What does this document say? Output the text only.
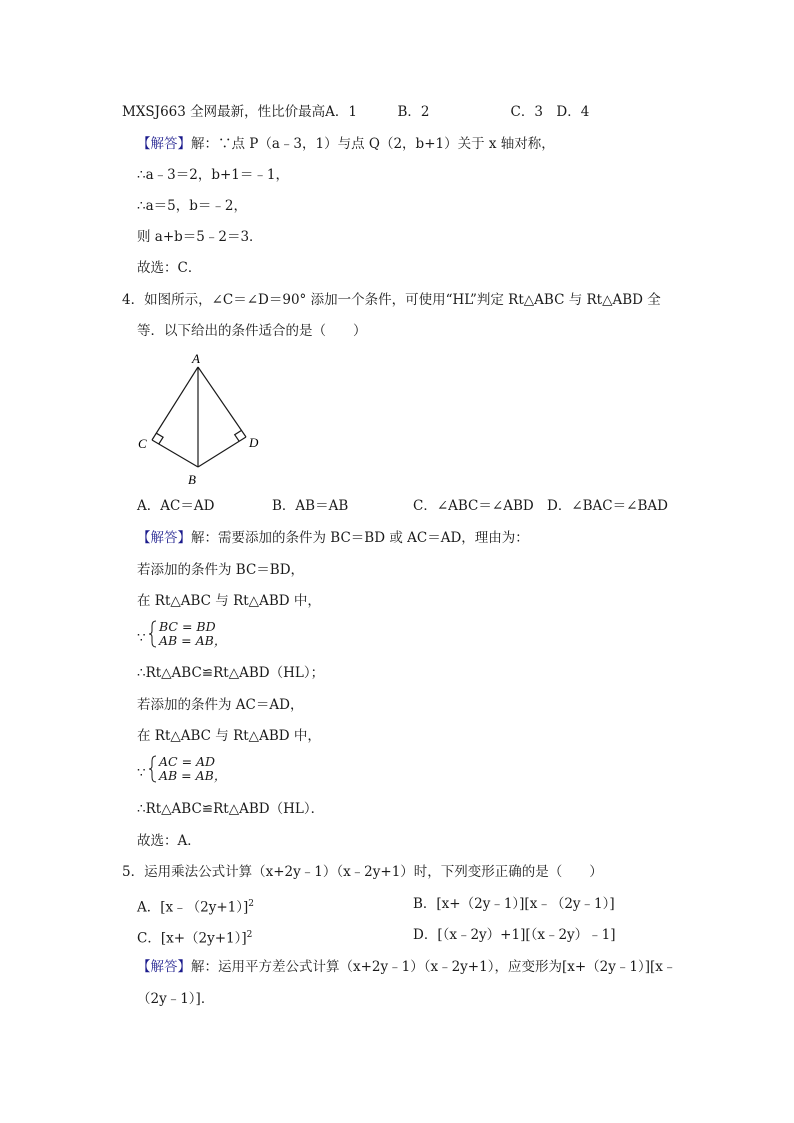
MXSJ663 全网最新，性比价最高A．1　　　B．2　　　　　　C．3　D．4
【解答】解：∵点 P（a﹣3，1）与点 Q（2，b+1）关于 x 轴对称，
∴a﹣3＝2，b+1＝﹣1，
∴a＝5，b＝﹣2，
则 a+b＝5﹣2＝3．
故选：C．
4．如图所示，∠C＝∠D＝90° 添加一个条件，可使用“HL”判定 Rt△ABC 与 Rt△ABD 全
等．以下给出的条件适合的是（　　）
A
C	D
B
A．AC＝AD	B．AB＝AB	C．∠ABC＝∠ABD D．∠BAC＝∠BAD
【解答】解：需要添加的条件为 BC＝BD 或 AC＝AD，理由为：
若添加的条件为 BC＝BD，
在 Rt△ABC 与 Rt△ABD 中，
∵
BC = BD
AB = AB，
∴Rt△ABC≌Rt△ABD（HL）；
若添加的条件为 AC＝AD，
在 Rt△ABC 与 Rt△ABD 中，
∵
AC = AD
AB = AB，
∴Rt△ABC≌Rt△ABD（HL）．
故选：A．
5．运用乘法公式计算（x+2y﹣1）（x﹣2y+1）时，下列变形正确的是（　　）
A．[x﹣（2y+1）]$^2$	B．[x+（2y﹣1）][x﹣（2y﹣1）]
C．$[x+(2y+1)]^2$	D．[（x﹣2y）+1][（x﹣2y）﹣1]
【解答】解：运用平方差公式计算（x+2y﹣1）（x﹣2y+1），应变形为[x+（2y﹣1）][x﹣
（2y﹣1）]．
